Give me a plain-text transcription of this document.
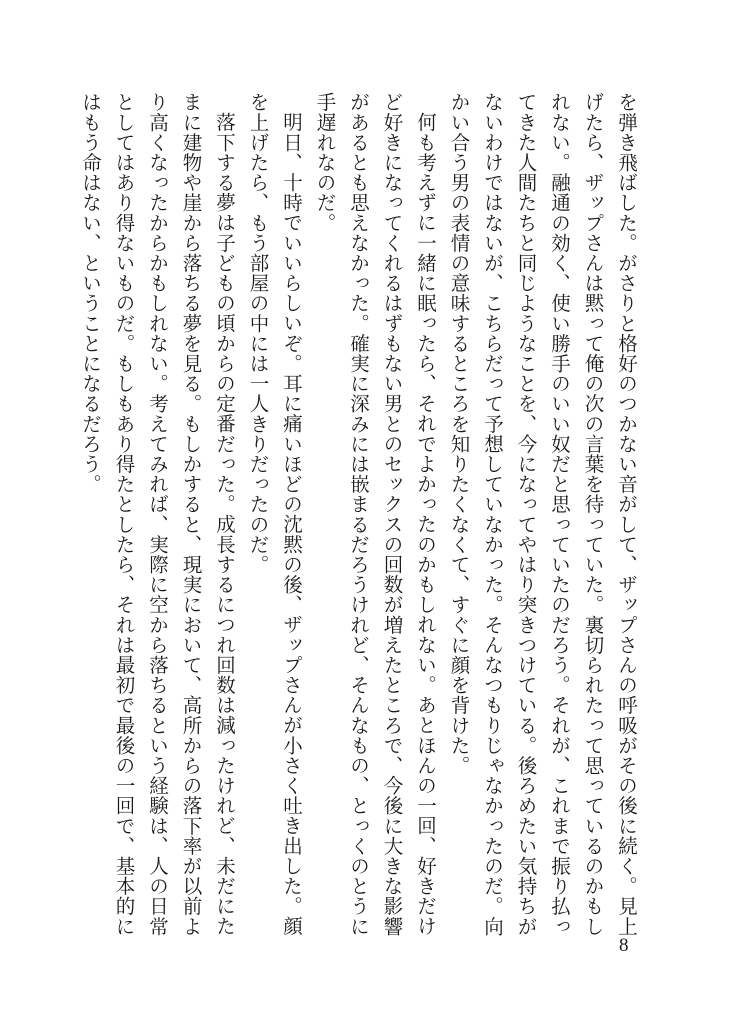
を弾き飛ばした。がさりと格好のつかない音がして、ザップさんの呼吸がその後に続く。見上げたら、ザップさんは黙って俺の次の言葉を待っていた。裏切られたって思っているのかもしれない。融通の効く、使い勝手のいい奴だと思っていたのだろう。それが、これまで振り払ってきた人間たちと同じようなことを、今になってやはり突きつけている。後ろめたい気持ちがないわけではないが、こちらだって予想していなかった。そんなつもりじゃなかったのだ。向かい合う男の表情の意味するところを知りたくなくて、すぐに顔を背けた。

何も考えずに一緒に眠ったら、それでよかったのかもしれない。あとほんの一回、好きだけど好きになってくれるはずもない男とのセックスの回数が増えたところで、今後に大きな影響があるとも思えなかった。確実に深みには嵌まるだろうけれど、そんなもの、とっくのとうに手遅れなのだ。

明日、十時でいいらしいぞ。耳に痛いほどの沈黙の後、ザップさんが小さく吐き出した。顔を上げたら、もう部屋の中には一人きりだったのだ。

落下する夢は子どもの頃からの定番だった。成長するにつれ回数は減ったけれど、未だにたまに建物や崖から落ちる夢を見る。もしかすると、現実において、高所からの落下率が以前より高くなったからかもしれない。考えてみれば、実際に空から落ちるという経験は、人の日常としてはあり得ないものだ。もしもあり得たとしたら、それは最初で最後の一回で、基本的にはもう命はない、ということになるだろう。

8
